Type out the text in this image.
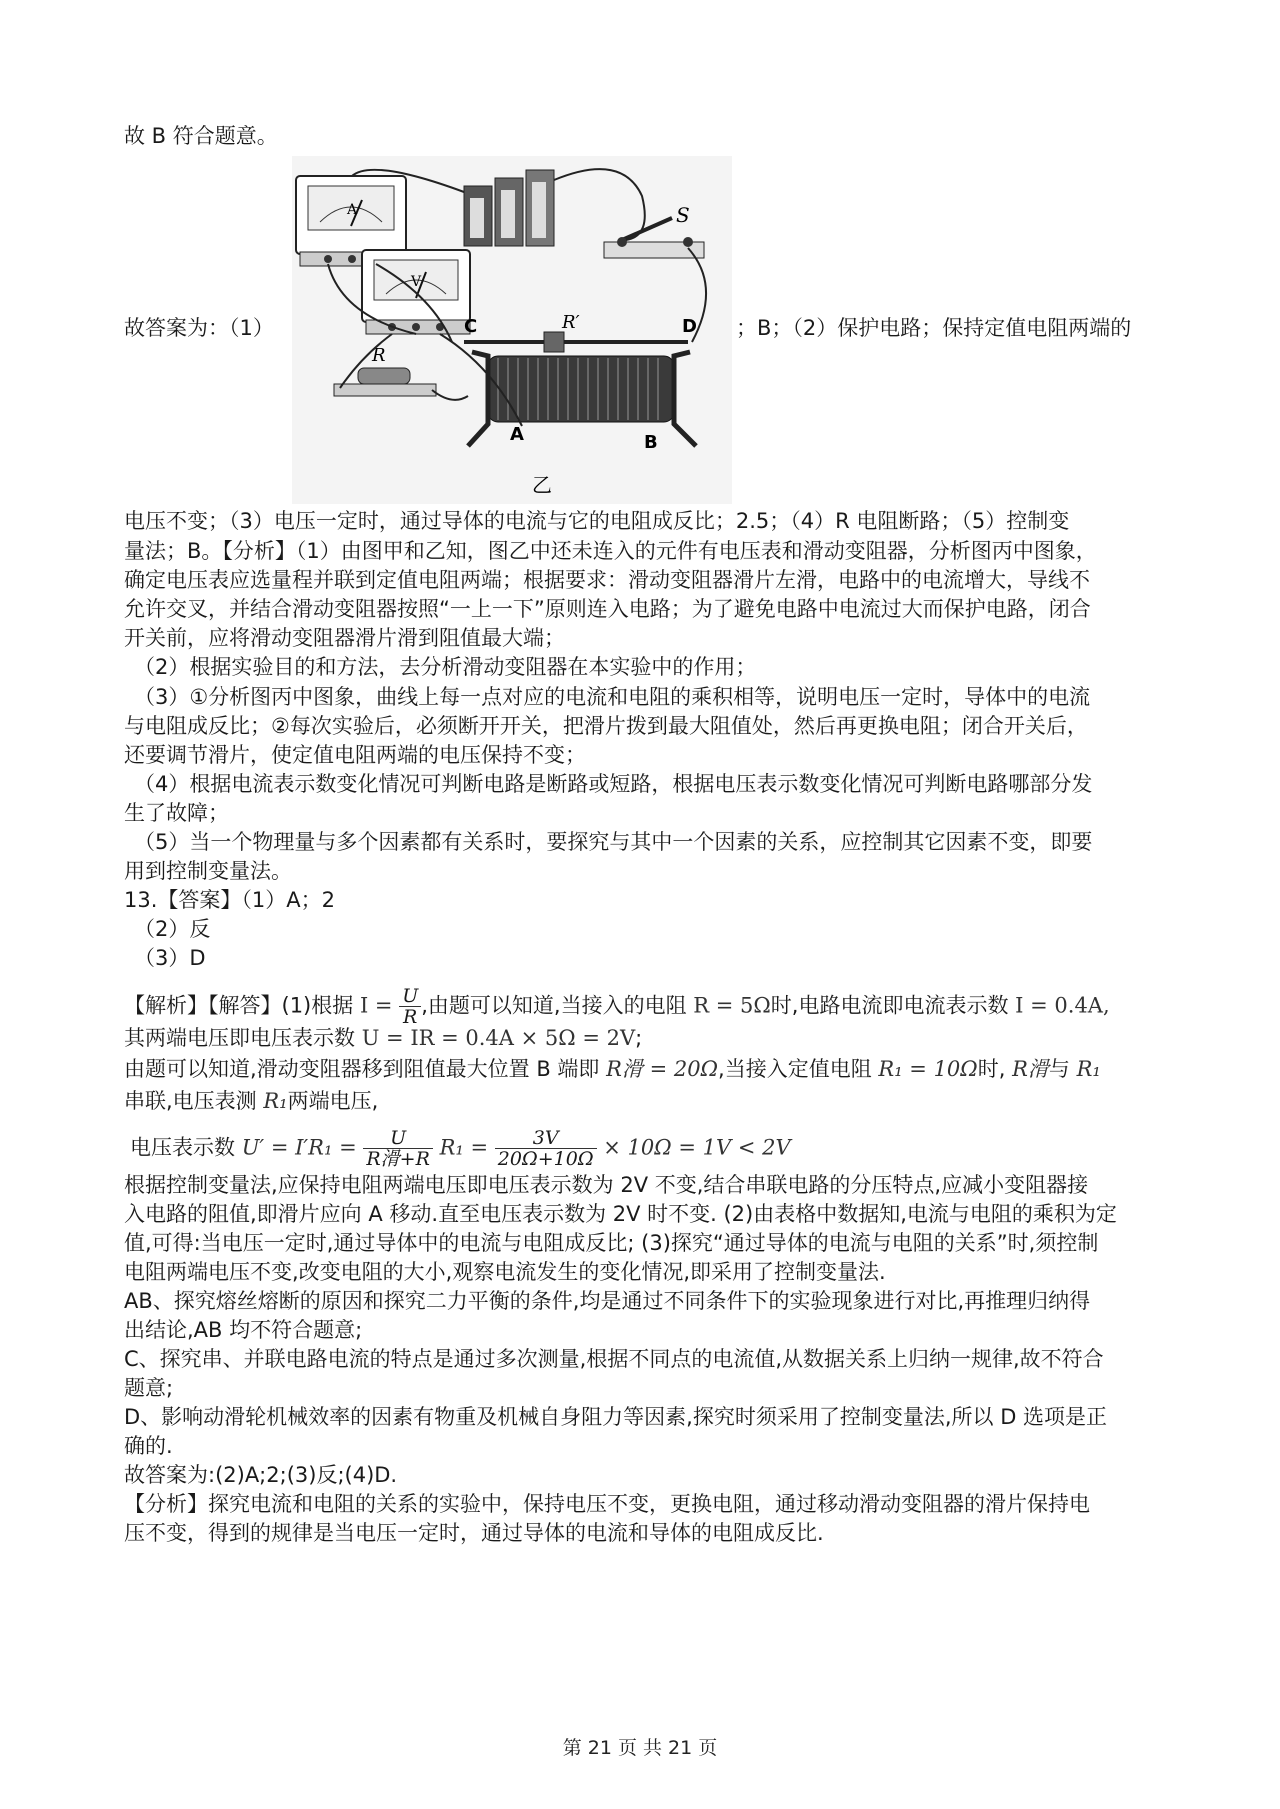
故 B 符合题意。
A
V
S
R
C	D
A	B
R′
乙
故答案为：（1）	；B；（2）保护电路；保持定值电阻两端的
电压不变；（3）电压一定时，通过导体的电流与它的电阻成反比；2.5；（4）R 电阻断路；（5）控制变
量法；B。【分析】（1）由图甲和乙知，图乙中还未连入的元件有电压表和滑动变阻器，分析图丙中图象，
确定电压表应选量程并联到定值电阻两端；根据要求：滑动变阻器滑片左滑，电路中的电流增大，导线不
允许交叉，并结合滑动变阻器按照“一上一下”原则连入电路；为了避免电路中电流过大而保护电路，闭合
开关前，应将滑动变阻器滑片滑到阻值最大端；
（2）根据实验目的和方法，去分析滑动变阻器在本实验中的作用；
（3）①分析图丙中图象，曲线上每一点对应的电流和电阻的乘积相等，说明电压一定时，导体中的电流
与电阻成反比；②每次实验后，必须断开开关，把滑片拨到最大阻值处，然后再更换电阻；闭合开关后，
还要调节滑片，使定值电阻两端的电压保持不变；
（4）根据电流表示数变化情况可判断电路是断路或短路，根据电压表示数变化情况可判断电路哪部分发
生了故障；
（5）当一个物理量与多个因素都有关系时，要探究与其中一个因素的关系，应控制其它因素不变，即要
用到控制变量法。
13.【答案】（1）A；2
（2）反
（3）D
【解析】【解答】(1)根据 $I = \frac{U}{R}$ ,由题可以知道,当接入的电阻 R = 5Ω时,电路电流即电流表示数 I = 0.4A,
其两端电压即电压表示数 U = IR = 0.4A × 5Ω = 2V;
由题可以知道,滑动变阻器移到阻值最大位置 B 端即 R滑 = 20Ω,当接入定值电阻 R₁ = 10Ω时, R滑与 R₁
串联,电压表测 R₁两端电压,
电压表示数 $U' = I'R_1 = \frac{U}{\text{R滑+R}} R_1 = \frac{3V}{20\Omega+10\Omega} \times 10\Omega = 1V < 2V$
根据控制变量法,应保持电阻两端电压即电压表示数为 2V 不变,结合串联电路的分压特点,应减小变阻器接
入电路的阻值,即滑片应向 A 移动.直至电压表示数为 2V 时不变. (2)由表格中数据知,电流与电阻的乘积为定
值,可得:当电压一定时,通过导体中的电流与电阻成反比; (3)探究“通过导体的电流与电阻的关系”时,须控制
电阻两端电压不变,改变电阻的大小,观察电流发生的变化情况,即采用了控制变量法.
AB、探究熔丝熔断的原因和探究二力平衡的条件,均是通过不同条件下的实验现象进行对比,再推理归纳得
出结论,AB 均不符合题意;
C、探究串、并联电路电流的特点是通过多次测量,根据不同点的电流值,从数据关系上归纳一规律,故不符合
题意;
D、影响动滑轮机械效率的因素有物重及机械自身阻力等因素,探究时须采用了控制变量法,所以 D 选项是正
确的.
故答案为:(2)A;2;(3)反;(4)D.
【分析】探究电流和电阻的关系的实验中，保持电压不变，更换电阻，通过移动滑动变阻器的滑片保持电
压不变，得到的规律是当电压一定时，通过导体的电流和导体的电阻成反比.
第 21 页 共 21 页
